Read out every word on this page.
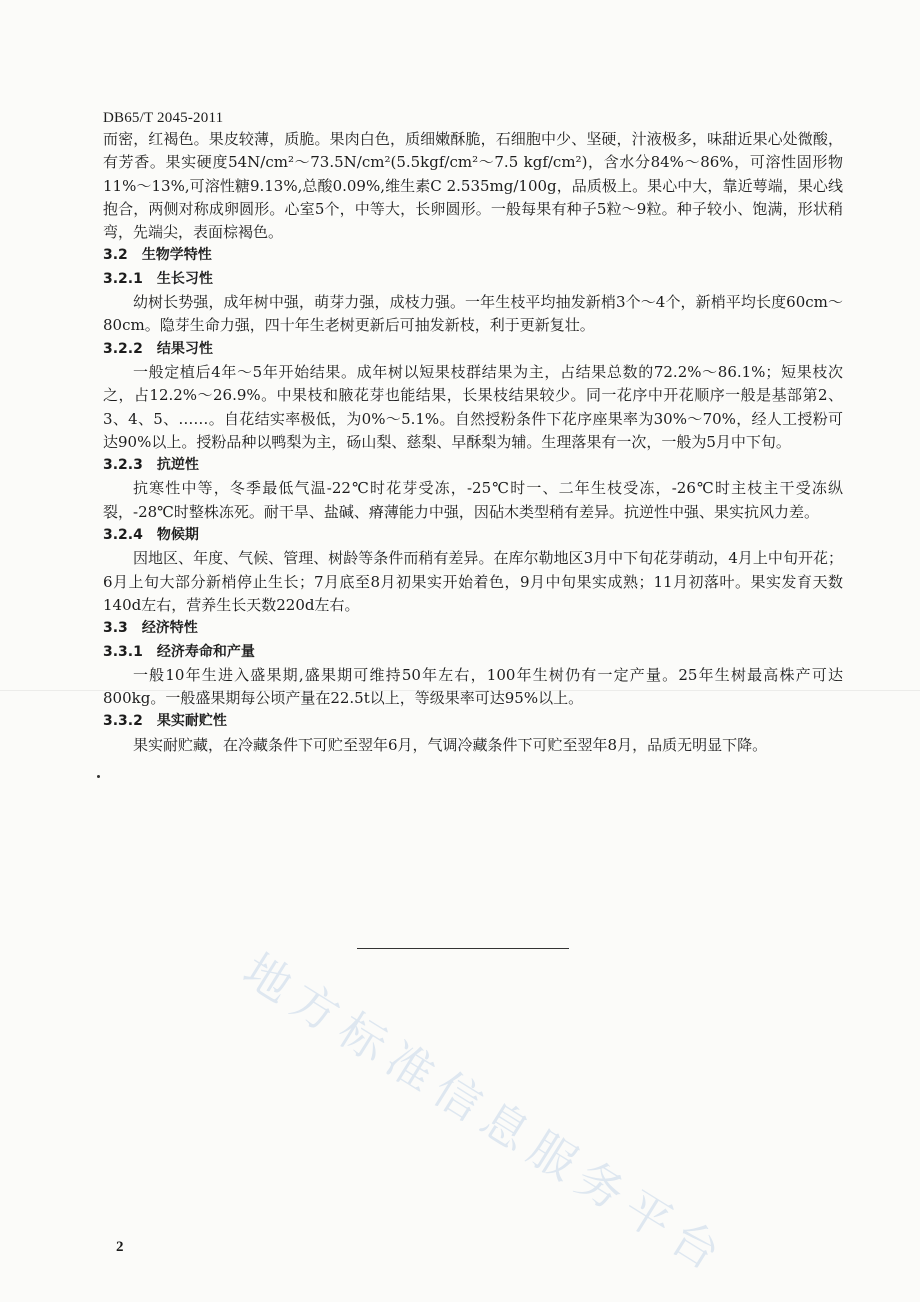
DB65/T 2045-2011

而密，红褐色。果皮较薄，质脆。果肉白色，质细嫩酥脆，石细胞中少、坚硬，汁液极多，味甜近果心处微酸，有芳香。果实硬度54N/cm²～73.5N/cm²(5.5kgf/cm²～7.5 kgf/cm²)，含水分84%～86%，可溶性固形物11%～13%,可溶性糖9.13%,总酸0.09%,维生素C 2.535mg/100g，品质极上。果心中大，靠近萼端，果心线抱合，两侧对称成卵圆形。心室5个，中等大，长卵圆形。一般每果有种子5粒～9粒。种子较小、饱满，形状稍弯，先端尖，表面棕褐色。

3.2 生物学特性

3.2.1 生长习性

幼树长势强，成年树中强，萌芽力强，成枝力强。一年生枝平均抽发新梢3个～4个，新梢平均长度60cm～80cm。隐芽生命力强，四十年生老树更新后可抽发新枝，利于更新复壮。

3.2.2 结果习性

一般定植后4年～5年开始结果。成年树以短果枝群结果为主，占结果总数的72.2%～86.1%；短果枝次之，占12.2%～26.9%。中果枝和腋花芽也能结果，长果枝结果较少。同一花序中开花顺序一般是基部第2、3、4、5、……。自花结实率极低，为0%～5.1%。自然授粉条件下花序座果率为30%～70%，经人工授粉可达90%以上。授粉品种以鸭梨为主，砀山梨、慈梨、早酥梨为辅。生理落果有一次，一般为5月中下旬。

3.2.3 抗逆性

抗寒性中等，冬季最低气温-22℃时花芽受冻，-25℃时一、二年生枝受冻，-26℃时主枝主干受冻纵裂，-28℃时整株冻死。耐干旱、盐碱、瘠薄能力中强，因砧木类型稍有差异。抗逆性中强、果实抗风力差。

3.2.4 物候期

因地区、年度、气候、管理、树龄等条件而稍有差异。在库尔勒地区3月中下旬花芽萌动，4月上中旬开花；6月上旬大部分新梢停止生长；7月底至8月初果实开始着色，9月中旬果实成熟；11月初落叶。果实发育天数140d左右，营养生长天数220d左右。

3.3 经济特性

3.3.1 经济寿命和产量

一般10年生进入盛果期,盛果期可维持50年左右，100年生树仍有一定产量。25年生树最高株产可达800kg。一般盛果期每公顷产量在22.5t以上，等级果率可达95%以上。

3.3.2 果实耐贮性

果实耐贮藏，在冷藏条件下可贮至翌年6月，气调冷藏条件下可贮至翌年8月，品质无明显下降。

地方标准信息服务平台
2
